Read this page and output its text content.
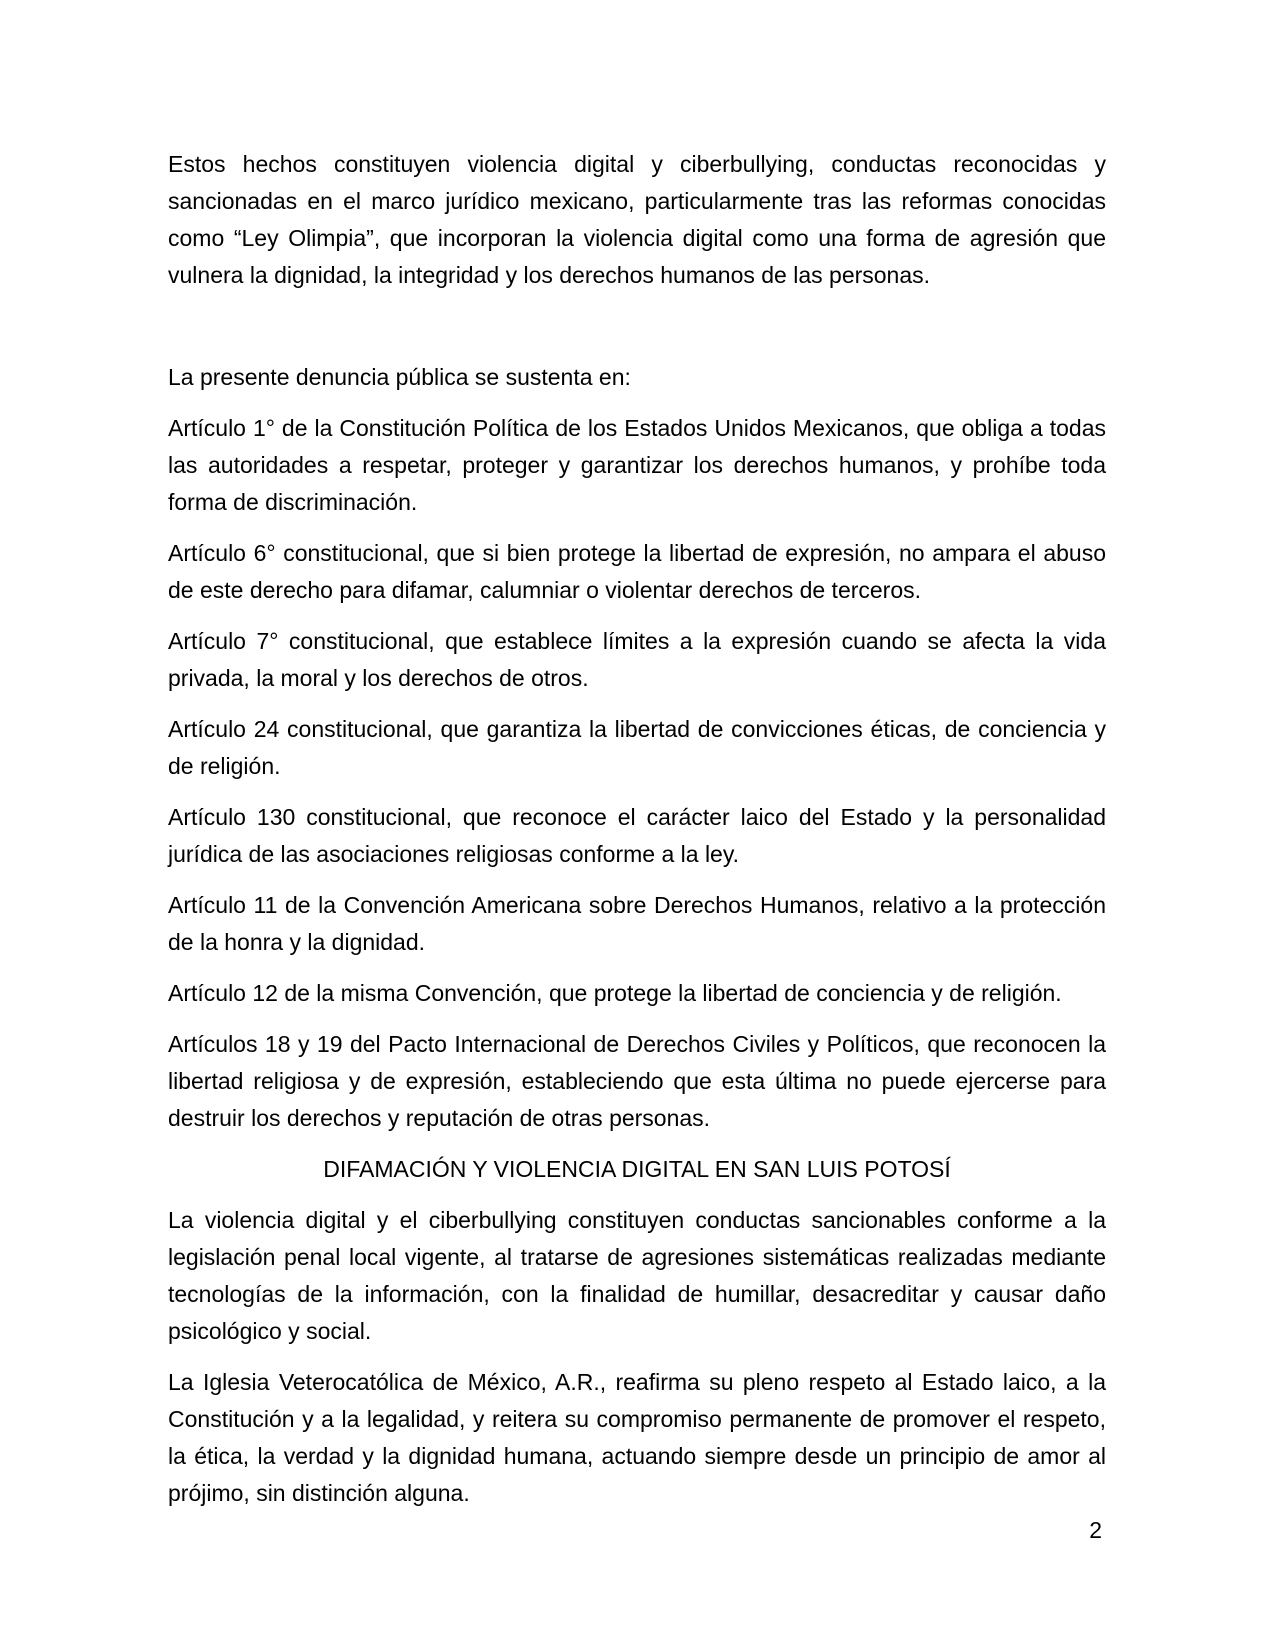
Estos hechos constituyen violencia digital y ciberbullying, conductas reconocidas y
sancionadas en el marco jurídico mexicano, particularmente tras las reformas conocidas
como “Ley Olimpia”, que incorporan la violencia digital como una forma de agresión que
vulnera la dignidad, la integridad y los derechos humanos de las personas.

La presente denuncia pública se sustenta en:
Artículo 1° de la Constitución Política de los Estados Unidos Mexicanos, que obliga a todas
las autoridades a respetar, proteger y garantizar los derechos humanos, y prohíbe toda
forma de discriminación.
Artículo 6° constitucional, que si bien protege la libertad de expresión, no ampara el abuso
de este derecho para difamar, calumniar o violentar derechos de terceros.
Artículo 7° constitucional, que establece límites a la expresión cuando se afecta la vida
privada, la moral y los derechos de otros.
Artículo 24 constitucional, que garantiza la libertad de convicciones éticas, de conciencia y
de religión.
Artículo 130 constitucional, que reconoce el carácter laico del Estado y la personalidad
jurídica de las asociaciones religiosas conforme a la ley.
Artículo 11 de la Convención Americana sobre Derechos Humanos, relativo a la protección
de la honra y la dignidad.
Artículo 12 de la misma Convención, que protege la libertad de conciencia y de religión.
Artículos 18 y 19 del Pacto Internacional de Derechos Civiles y Políticos, que reconocen la
libertad religiosa y de expresión, estableciendo que esta última no puede ejercerse para
destruir los derechos y reputación de otras personas.
DIFAMACIÓN Y VIOLENCIA DIGITAL EN SAN LUIS POTOSÍ
La violencia digital y el ciberbullying constituyen conductas sancionables conforme a la
legislación penal local vigente, al tratarse de agresiones sistemáticas realizadas mediante
tecnologías de la información, con la finalidad de humillar, desacreditar y causar daño
psicológico y social.
La Iglesia Veterocatólica de México, A.R., reafirma su pleno respeto al Estado laico, a la
Constitución y a la legalidad, y reitera su compromiso permanente de promover el respeto,
la ética, la verdad y la dignidad humana, actuando siempre desde un principio de amor al
prójimo, sin distinción alguna.
2
